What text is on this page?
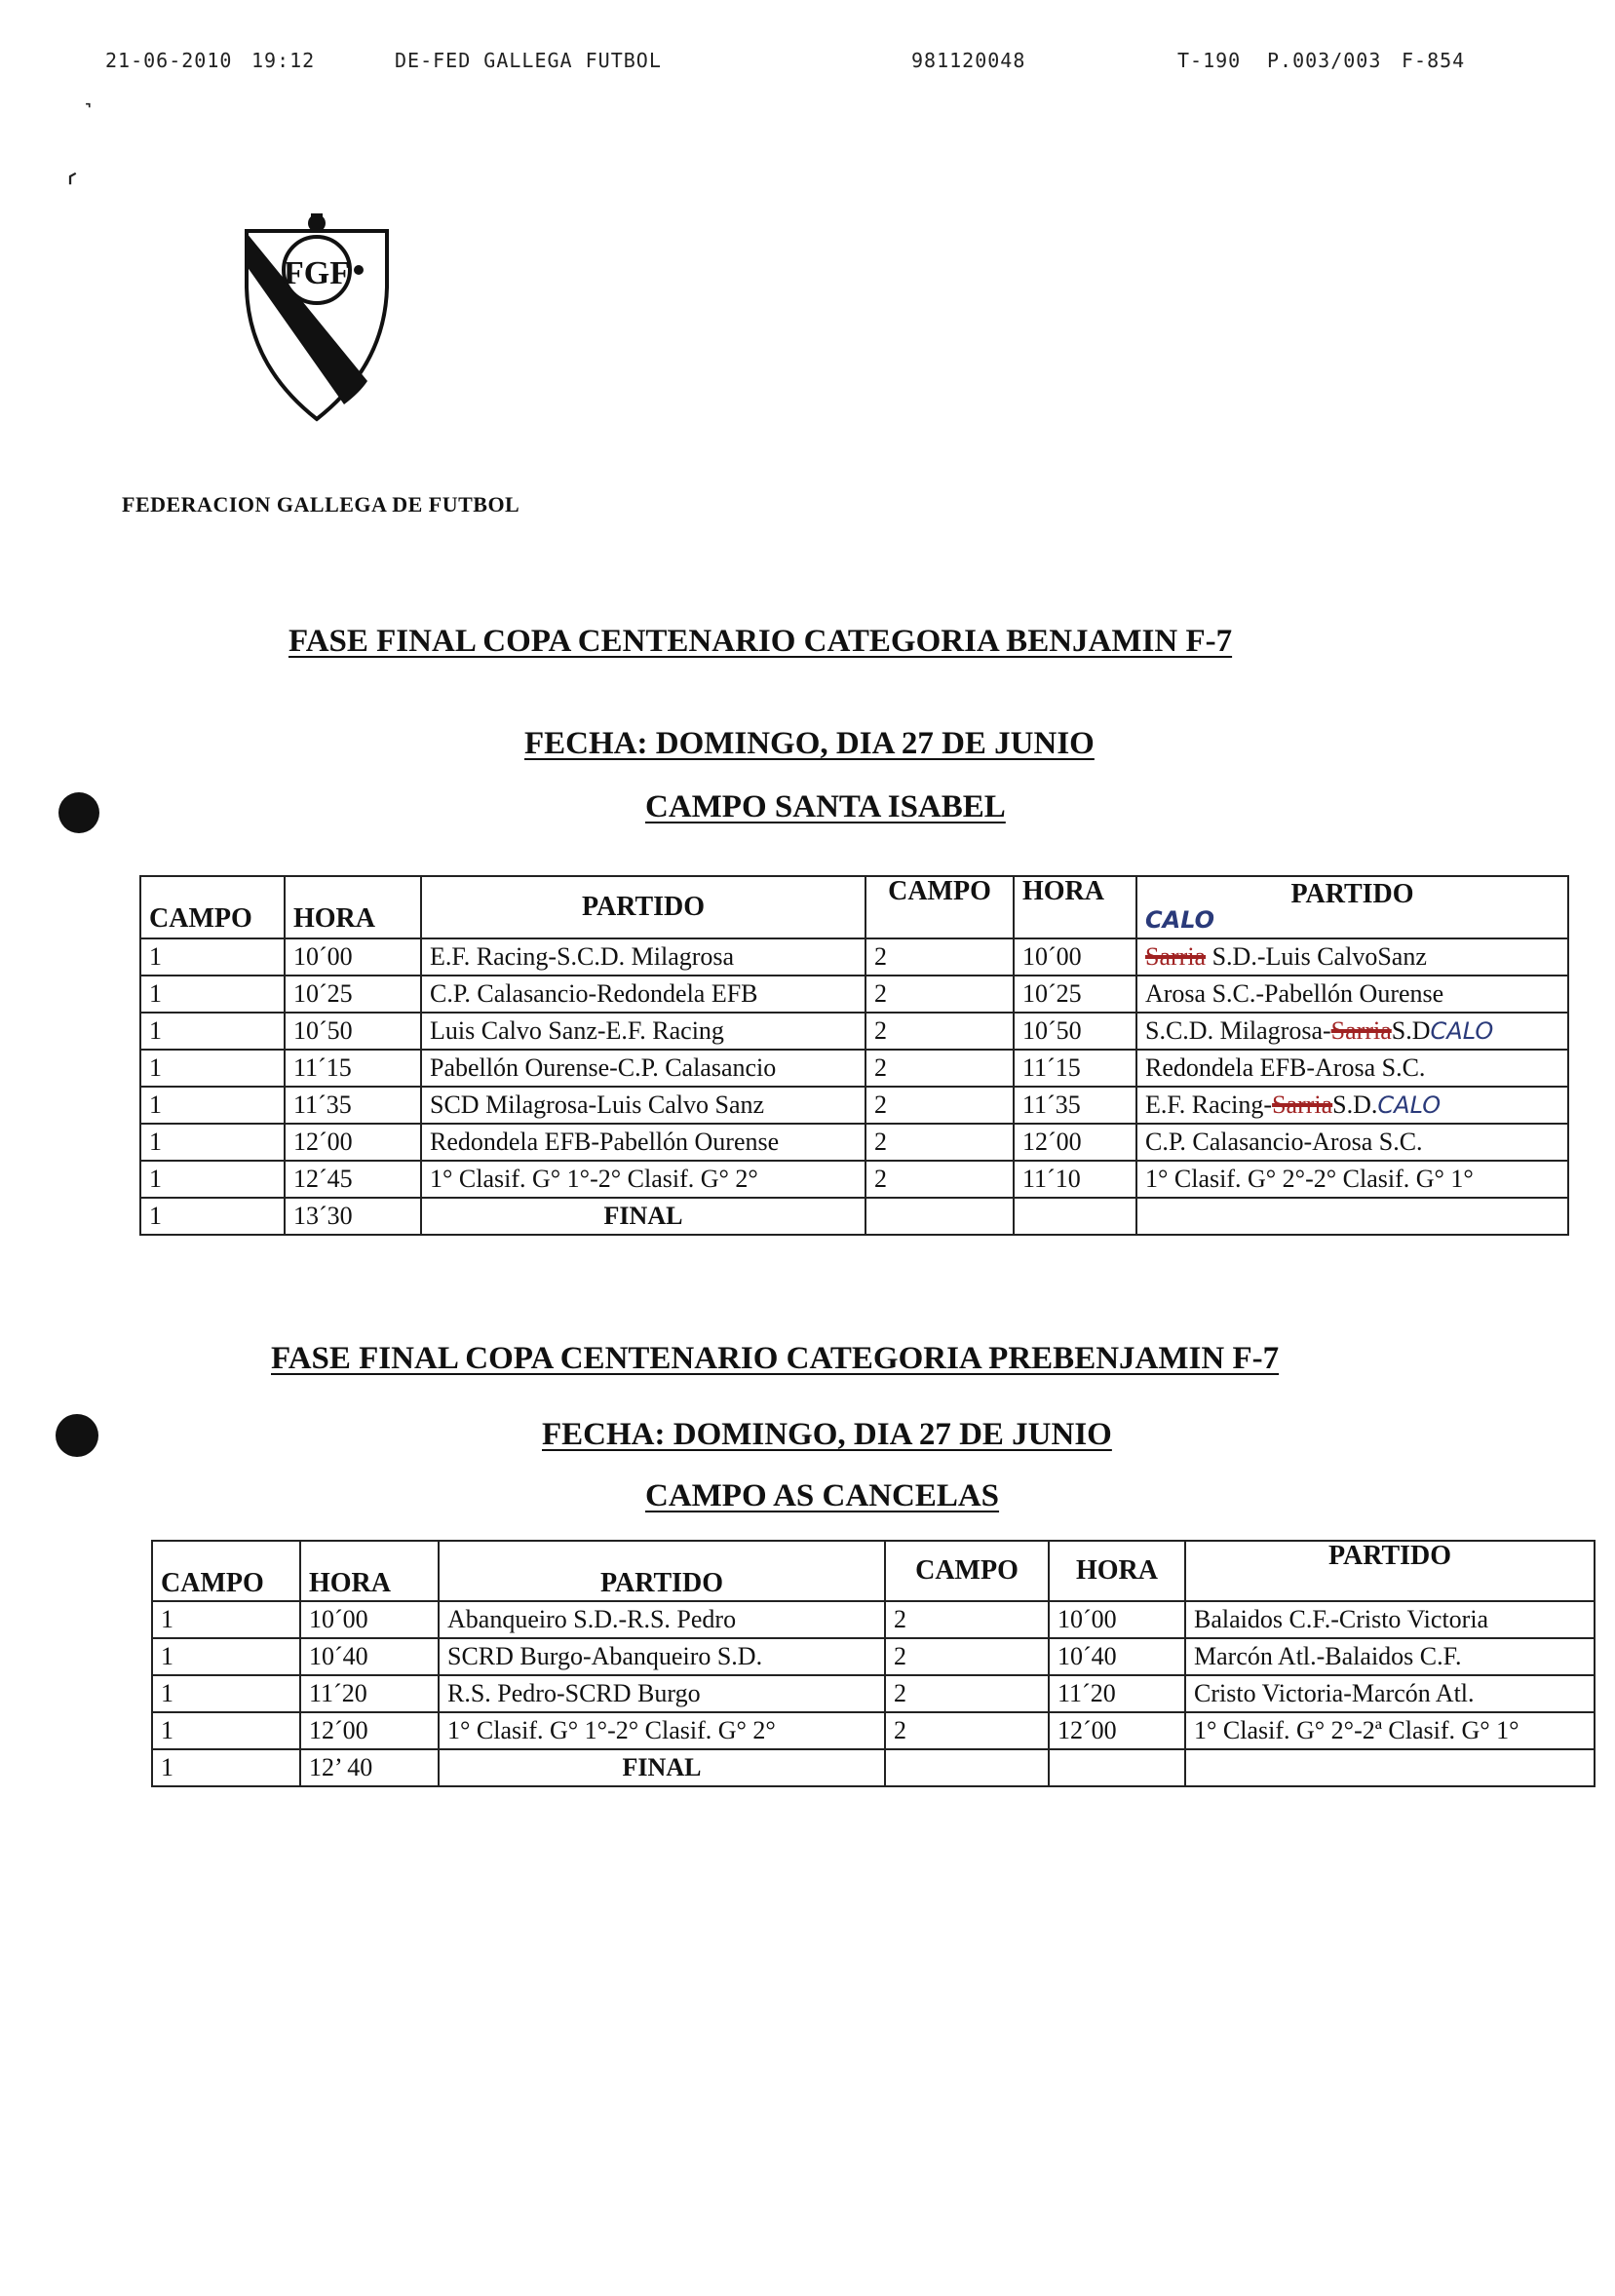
21-06-2010 19:12	DE-FED GALLEGA FUTBOL	981120048	T-190 P.003/003 F-854
˺
⸂
FGF
FEDERACION GALLEGA DE FUTBOL
FASE FINAL COPA CENTENARIO CATEGORIA BENJAMIN F-7
FECHA: DOMINGO, DIA 27 DE JUNIO
CAMPO SANTA ISABEL
CAMPO	HORA	PARTIDO	CAMPO	HORA	PARTIDO
CALO

1	10´00	E.F. Racing-S.C.D. Milagrosa	2	10´00	Sarria S.D.-Luis CalvoSanz
1	10´25	C.P. Calasancio-Redondela EFB	2	10´25	Arosa S.C.-Pabellón Ourense
1	10´50	Luis Calvo Sanz-E.F. Racing	2	10´50	S.C.D. Milagrosa-SarriaS.DCALO
1	11´15	Pabellón Ourense-C.P. Calasancio	2	11´15	Redondela EFB-Arosa S.C.
1	11´35	SCD Milagrosa-Luis Calvo Sanz	2	11´35	E.F. Racing-SarriaS.D.CALO
1	12´00	Redondela EFB-Pabellón Ourense	2	12´00	C.P. Calasancio-Arosa S.C.
1	12´45	1° Clasif. G° 1°-2° Clasif. G° 2°	2	11´10	1° Clasif. G° 2°-2° Clasif. G° 1°
1	13´30	FINAL			
FASE FINAL COPA CENTENARIO CATEGORIA PREBENJAMIN F-7
FECHA: DOMINGO, DIA 27 DE JUNIO
CAMPO AS CANCELAS
CAMPO	HORA	PARTIDO	CAMPO	HORA	PARTIDO
1	10´00	Abanqueiro S.D.-R.S. Pedro	2	10´00	Balaidos C.F.-Cristo Victoria
1	10´40	SCRD Burgo-Abanqueiro S.D.	2	10´40	Marcón Atl.-Balaidos C.F.
1	11´20	R.S. Pedro-SCRD Burgo	2	11´20	Cristo Victoria-Marcón Atl.
1	12´00	1° Clasif. G° 1°-2° Clasif. G° 2°	2	12´00	1° Clasif. G° 2°-2ª Clasif. G° 1°
1	12’ 40	FINAL			
